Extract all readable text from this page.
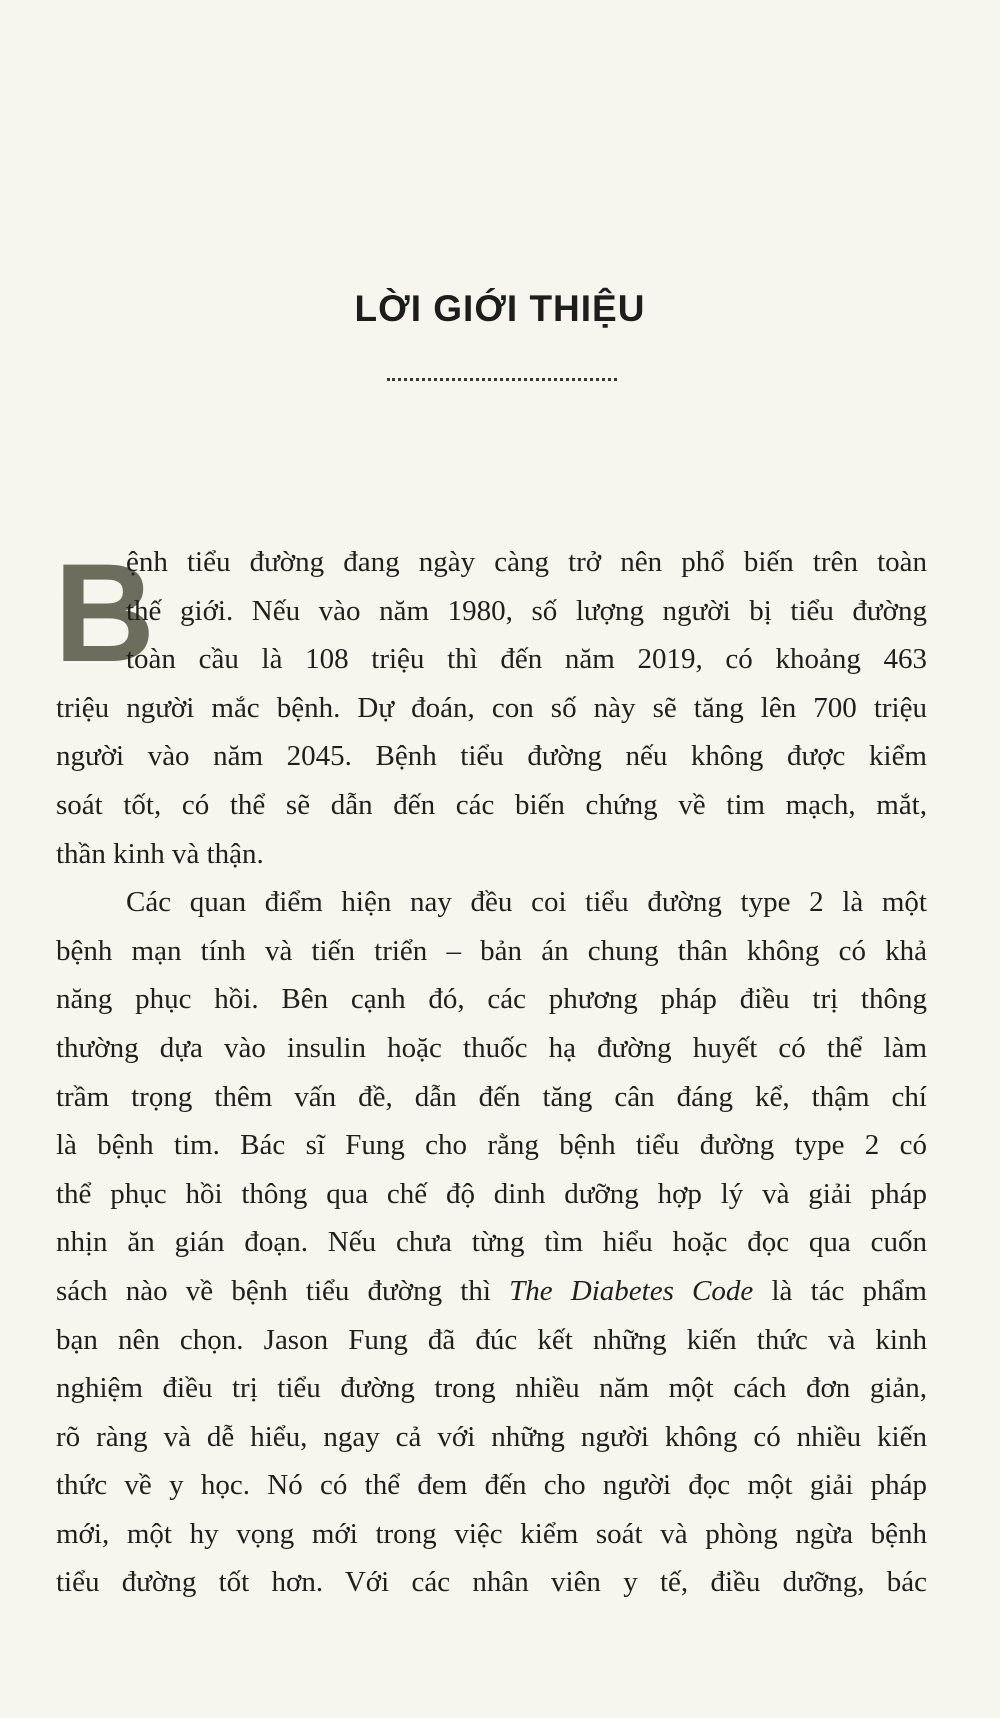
LỜI GIỚI THIỆU
B
ệnh tiểu đường đang ngày càng trở nên phổ biến trên toàn
thế giới. Nếu vào năm 1980, số lượng người bị tiểu đường
toàn cầu là 108 triệu thì đến năm 2019, có khoảng 463
triệu người mắc bệnh. Dự đoán, con số này sẽ tăng lên 700 triệu
người vào năm 2045. Bệnh tiểu đường nếu không được kiểm
soát tốt, có thể sẽ dẫn đến các biến chứng về tim mạch, mắt,
thần kinh và thận.
Các quan điểm hiện nay đều coi tiểu đường type 2 là một
bệnh mạn tính và tiến triển – bản án chung thân không có khả
năng phục hồi. Bên cạnh đó, các phương pháp điều trị thông
thường dựa vào insulin hoặc thuốc hạ đường huyết có thể làm
trầm trọng thêm vấn đề, dẫn đến tăng cân đáng kể, thậm chí
là bệnh tim. Bác sĩ Fung cho rằng bệnh tiểu đường type 2 có
thể phục hồi thông qua chế độ dinh dưỡng hợp lý và giải pháp
nhịn ăn gián đoạn. Nếu chưa từng tìm hiểu hoặc đọc qua cuốn
sách nào về bệnh tiểu đường thì The Diabetes Code là tác phẩm
bạn nên chọn. Jason Fung đã đúc kết những kiến thức và kinh
nghiệm điều trị tiểu đường trong nhiều năm một cách đơn giản,
rõ ràng và dễ hiểu, ngay cả với những người không có nhiều kiến
thức về y học. Nó có thể đem đến cho người đọc một giải pháp
mới, một hy vọng mới trong việc kiểm soát và phòng ngừa bệnh
tiểu đường tốt hơn. Với các nhân viên y tế, điều dưỡng, bác
